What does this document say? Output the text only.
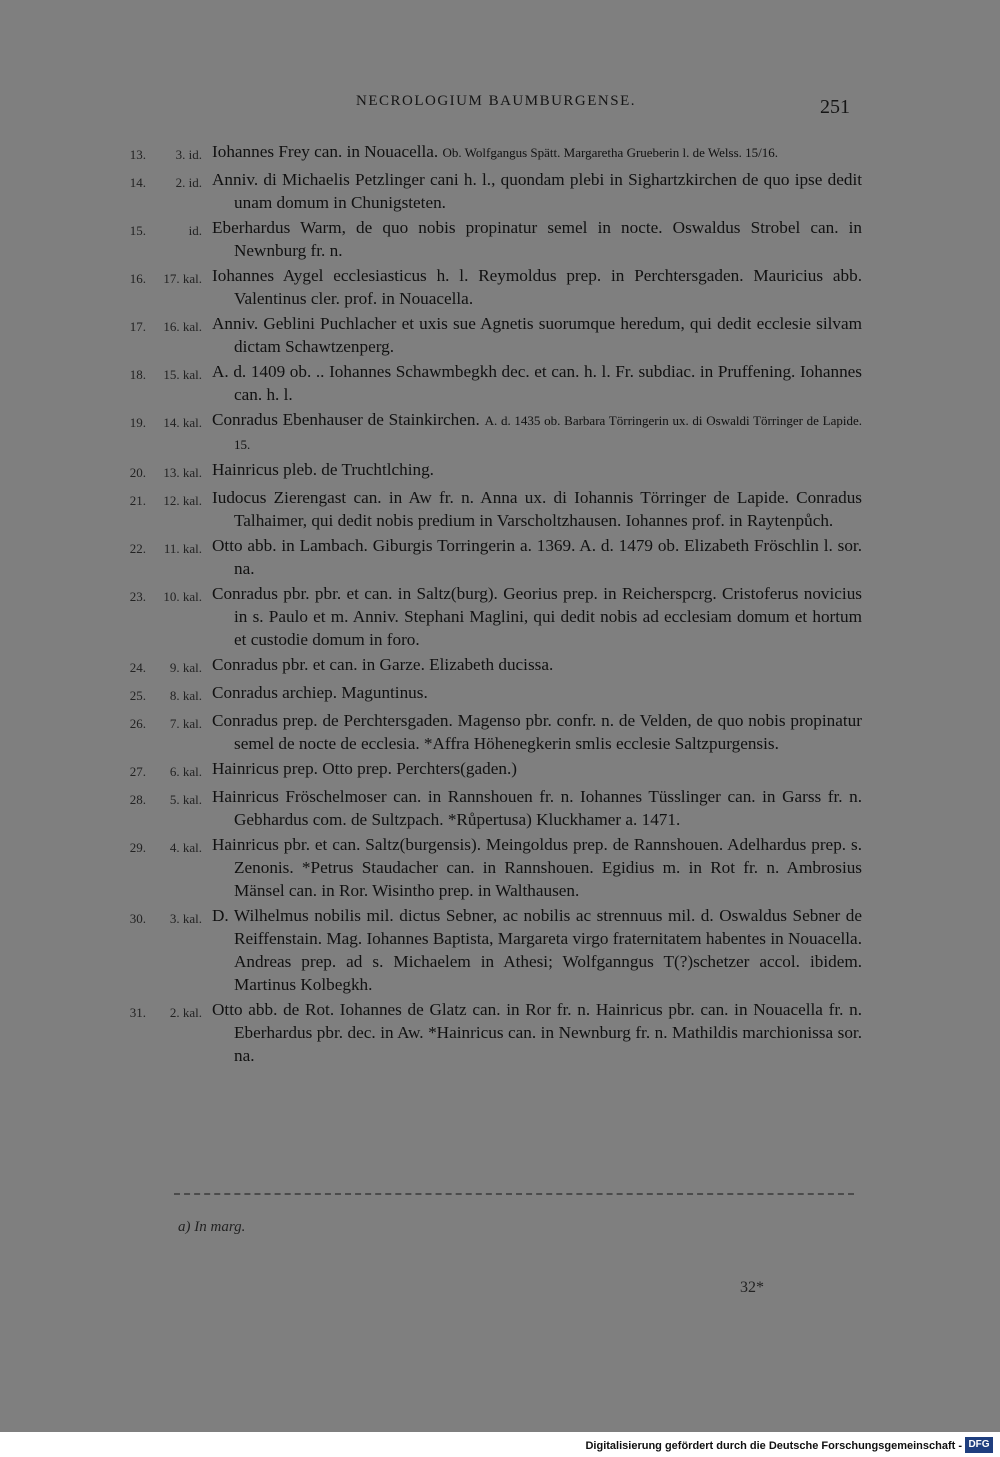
NECROLOGIUM BAUMBURGENSE.	251
13.	3. id. Iohannes Frey can. in Nouacella. Ob. Wolfgangus Spätt. Margaretha Grueberin l. de Welss. 15/16.
14.	2. id. Anniv. di Michaelis Petzlinger cani h. l., quondam plebi in Sighartzkirchen de quo ipse dedit unam domum in Chunigsteten.
15.	id. Eberhardus Warm, de quo nobis propinatur semel in nocte. Oswaldus Strobel can. in Newnburg fr. n.
16.	17. kal. Iohannes Aygel ecclesiasticus h. l. Reymoldus prep. in Perchtersgaden. Mauricius abb. Valentinus cler. prof. in Nouacella.
17.	16. kal. Anniv. Geblini Puchlacher et uxis sue Agnetis suorumque heredum, qui dedit ecclesie silvam dictam Schawtzenperg.
18.	15. kal. A. d. 1409 ob. .. Iohannes Schawmbegkh dec. et can. h. l. Fr. subdiac. in Pruffening. Iohannes can. h. l.
19.	14. kal. Conradus Ebenhauser de Stainkirchen. A. d. 1435 ob. Barbara Törringerin ux. di Oswaldi Törringer de Lapide. 15.
20.	13. kal. Hainricus pleb. de Truchtlching.
21.	12. kal. Iudocus Zierengast can. in Aw fr. n. Anna ux. di Iohannis Törringer de Lapide. Conradus Talhaimer, qui dedit nobis predium in Varscholtzhausen. Iohannes prof. in Raytenpůch.
22.	11. kal. Otto abb. in Lambach. Giburgis Torringerin a. 1369. A. d. 1479 ob. Elizabeth Fröschlin l. sor. na.
23.	10. kal. Conradus pbr. pbr. et can. in Saltz(burg). Georius prep. in Reicherspcrg. Cristoferus novicius in s. Paulo et m. Anniv. Stephani Maglini, qui dedit nobis ad ecclesiam domum et hortum et custodie domum in foro.
24.	9. kal. Conradus pbr. et can. in Garze. Elizabeth ducissa.
25.	8. kal. Conradus archiep. Maguntinus.
26.	7. kal. Conradus prep. de Perchtersgaden. Magenso pbr. confr. n. de Velden, de quo nobis propinatur semel de nocte de ecclesia. *Affra Höhenegkerin smlis ecclesie Saltzpurgensis.
27.	6. kal. Hainricus prep. Otto prep. Perchters(gaden.)
28.	5. kal. Hainricus Fröschelmoser can. in Rannshouen fr. n. Iohannes Tüsslinger can. in Garss fr. n. Gebhardus com. de Sultzpach. *Růpertusa) Kluckhamer a. 1471.
29.	4. kal. Hainricus pbr. et can. Saltz(burgensis). Meingoldus prep. de Rannshouen. Adelhardus prep. s. Zenonis. *Petrus Staudacher can. in Rannshouen. Egidius m. in Rot fr. n. Ambrosius Mänsel can. in Ror. Wisintho prep. in Walthausen.
30.	3. kal. D. Wilhelmus nobilis mil. dictus Sebner, ac nobilis ac strennuus mil. d. Oswaldus Sebner de Reiffenstain. Mag. Iohannes Baptista, Margareta virgo fraternitatem habentes in Nouacella. Andreas prep. ad s. Michaelem in Athesi; Wolfganngus T(?)schetzer accol. ibidem. Martinus Kolbegkh.
31.	2. kal. Otto abb. de Rot. Iohannes de Glatz can. in Ror fr. n. Hainricus pbr. can. in Nouacella fr. n. Eberhardus pbr. dec. in Aw. *Hainricus can. in Newnburg fr. n. Mathildis marchionissa sor. na.
a) In marg.
32*
Digitalisierung gefördert durch die Deutsche Forschungsgemeinschaft - DFG
